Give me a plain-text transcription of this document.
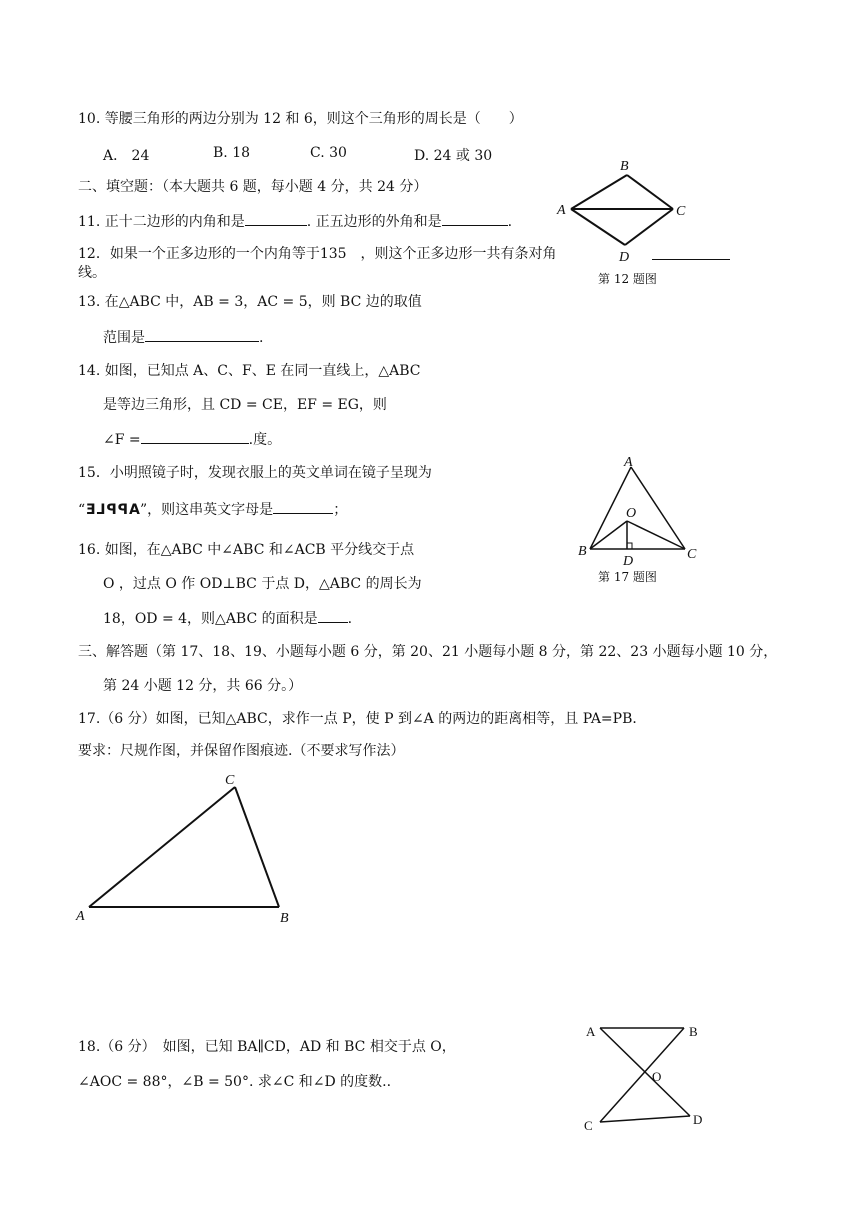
10. 等腰三角形的两边分别为 12 和 6，则这个三角形的周长是（　　）
A． 24	B. 18	C. 30	D. 24 或 30
二、填空题：（本大题共 6 题，每小题 4 分，共 24 分）
11. 正十二边形的内角和是	. 正五边形的外角和是	.
12．如果一个正多边形的一个内角等于135　，则这个正多边形一共有条对角
线。
A
B
C
D
第 12 题图
13. 在△ABC 中，AB = 3，AC = 5，则 BC 边的取值
范围是	.
14. 如图，已知点 A、C、F、E 在同一直线上，△ABC
是等边三角形，且 CD = CE，EF = EG，则
∠F =	.度。
15．小明照镜子时，发现衣服上的英文单词在镜子呈现为
“APPLE”，则这串英文字母是	；
A
O
B
D	C
第 17 题图
16. 如图，在△ABC 中∠ABC 和∠ACB 平分线交于点
O ，过点 O 作 OD⊥BC 于点 D，△ABC 的周长为
18，OD = 4，则△ABC 的面积是 .
三、解答题（第 17、18、19、小题每小题 6 分，第 20、21 小题每小题 8 分，第 22、23 小题每小题 10 分，
第 24 小题 12 分，共 66 分。）
17.（6 分）如图，已知△ABC，求作一点 P，使 P 到∠A 的两边的距离相等，且 PA=PB．
要求：尺规作图，并保留作图痕迹.（不要求写作法）
C
A	B
18.（6 分）　如图，已知 BA∥CD，AD 和 BC 相交于点 O，
∠AOC = 88°，∠B = 50°. 求∠C 和∠D 的度数..
A	B
O
C	D
